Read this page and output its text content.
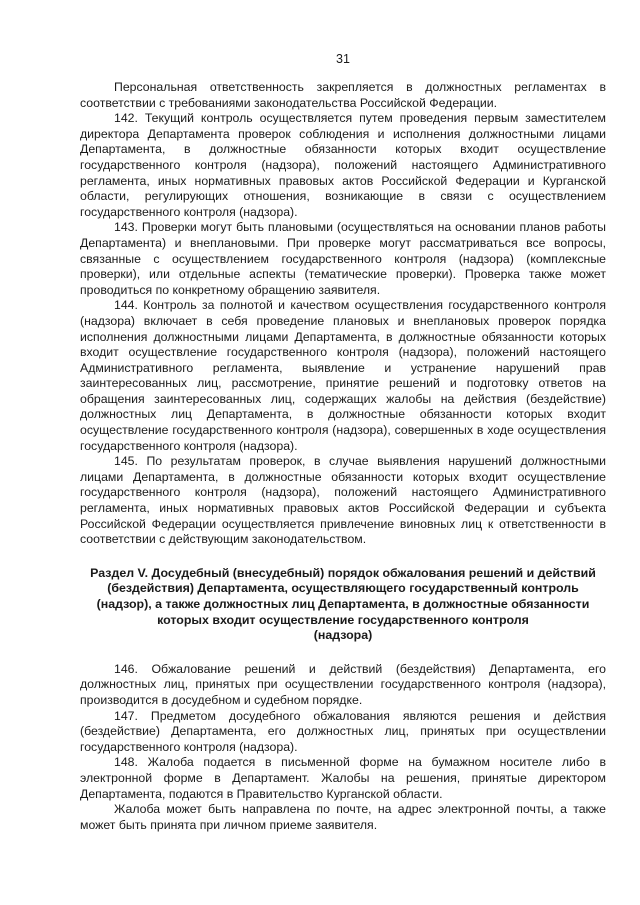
31

Персональная ответственность закрепляется в должностных регламентах в соответствии с требованиями законодательства Российской Федерации.

142. Текущий контроль осуществляется путем проведения первым заместителем директора Департамента проверок соблюдения и исполнения должностными лицами Департамента, в должностные обязанности которых входит осуществление государственного контроля (надзора), положений настоящего Административного регламента, иных нормативных правовых актов Российской Федерации и Курганской области, регулирующих отношения, возникающие в связи с осуществлением государственного контроля (надзора).

143. Проверки могут быть плановыми (осуществляться на основании планов работы Департамента) и внеплановыми. При проверке могут рассматриваться все вопросы, связанные с осуществлением государственного контроля (надзора) (комплексные проверки), или отдельные аспекты (тематические проверки). Проверка также может проводиться по конкретному обращению заявителя.

144. Контроль за полнотой и качеством осуществления государственного контроля (надзора) включает в себя проведение плановых и внеплановых проверок порядка исполнения должностными лицами Департамента, в должностные обязанности которых входит осуществление государственного контроля (надзора), положений настоящего Административного регламента, выявление и устранение нарушений прав заинтересованных лиц, рассмотрение, принятие решений и подготовку ответов на обращения заинтересованных лиц, содержащих жалобы на действия (бездействие) должностных лиц Департамента, в должностные обязанности которых входит осуществление государственного контроля (надзора), совершенных в ходе осуществления государственного контроля (надзора).

145. По результатам проверок, в случае выявления нарушений должностными лицами Департамента, в должностные обязанности которых входит осуществление государственного контроля (надзора), положений настоящего Административного регламента, иных нормативных правовых актов Российской Федерации и субъекта Российской Федерации осуществляется привлечение виновных лиц к ответственности в соответствии с действующим законодательством.

Раздел V. Досудебный (внесудебный) порядок обжалования решений и действий (бездействия) Департамента, осуществляющего государственный контроль (надзор), а также должностных лиц Департамента, в должностные обязанности которых входит осуществление государственного контроля
(надзора)

146. Обжалование решений и действий (бездействия) Департамента, его должностных лиц, принятых при осуществлении государственного контроля (надзора), производится в досудебном и судебном порядке.

147. Предметом досудебного обжалования являются решения и действия (бездействие) Департамента, его должностных лиц, принятых при осуществлении государственного контроля (надзора).

148. Жалоба подается в письменной форме на бумажном носителе либо в электронной форме в Департамент. Жалобы на решения, принятые директором Департамента, подаются в Правительство Курганской области.

Жалоба может быть направлена по почте, на адрес электронной почты, а также может быть принята при личном приеме заявителя.
